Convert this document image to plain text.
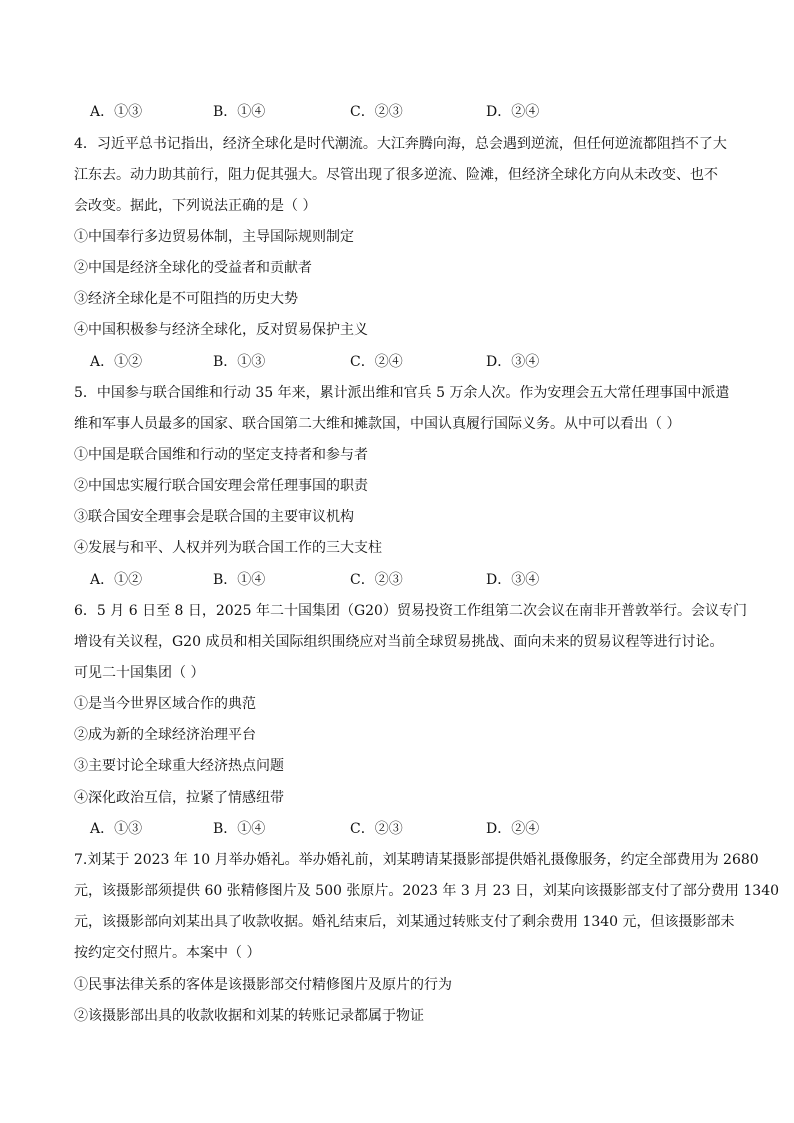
A．①③	B．①④	C．②③	D．②④
4．习近平总书记指出，经济全球化是时代潮流。大江奔腾向海，总会遇到逆流，但任何逆流都阻挡不了大
江东去。动力助其前行，阻力促其强大。尽管出现了很多逆流、险滩，但经济全球化方向从未改变、也不
会改变。据此，下列说法正确的是（ ）
①中国奉行多边贸易体制，主导国际规则制定
②中国是经济全球化的受益者和贡献者
③经济全球化是不可阻挡的历史大势
④中国积极参与经济全球化，反对贸易保护主义
A．①②	B．①③	C．②④	D．③④
5．中国参与联合国维和行动 35 年来，累计派出维和官兵 5 万余人次。作为安理会五大常任理事国中派遣
维和军事人员最多的国家、联合国第二大维和摊款国，中国认真履行国际义务。从中可以看出（ ）
①中国是联合国维和行动的坚定支持者和参与者
②中国忠实履行联合国安理会常任理事国的职责
③联合国安全理事会是联合国的主要审议机构
④发展与和平、人权并列为联合国工作的三大支柱
A．①②	B．①④	C．②③	D．③④
6．5 月 6 日至 8 日，2025 年二十国集团（G20）贸易投资工作组第二次会议在南非开普敦举行。会议专门
增设有关议程，G20 成员和相关国际组织围绕应对当前全球贸易挑战、面向未来的贸易议程等进行讨论。
可见二十国集团（ ）
①是当今世界区域合作的典范
②成为新的全球经济治理平台
③主要讨论全球重大经济热点问题
④深化政治互信，拉紧了情感纽带
A．①③	B．①④	C．②③	D．②④
7.刘某于 2023 年 10 月举办婚礼。举办婚礼前，刘某聘请某摄影部提供婚礼摄像服务，约定全部费用为 2680
元，该摄影部须提供 60 张精修图片及 500 张原片。2023 年 3 月 23 日，刘某向该摄影部支付了部分费用 1340
元，该摄影部向刘某出具了收款收据。婚礼结束后，刘某通过转账支付了剩余费用 1340 元，但该摄影部未
按约定交付照片。本案中（ ）
①民事法律关系的客体是该摄影部交付精修图片及原片的行为
②该摄影部出具的收款收据和刘某的转账记录都属于物证
